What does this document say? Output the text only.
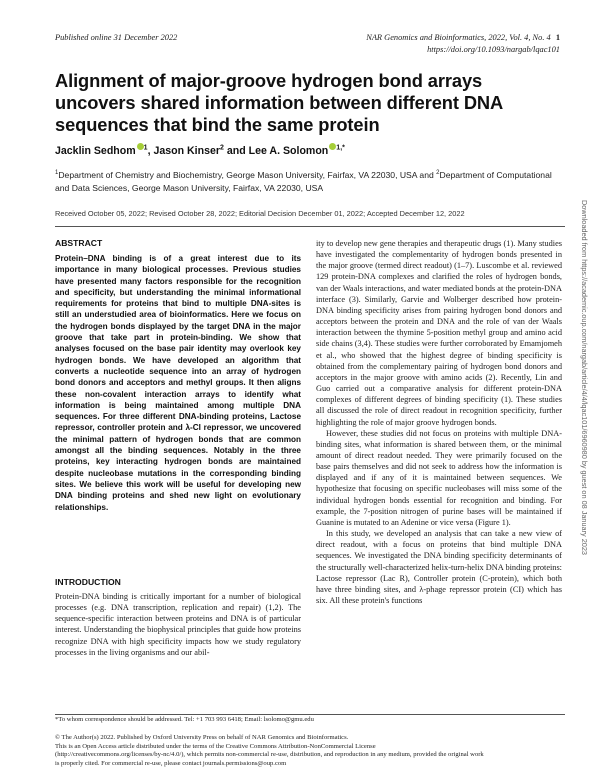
Published online 31 December 2022	NAR Genomics and Bioinformatics, 2022, Vol. 4, No. 4 1
https://doi.org/10.1093/nargab/lqac101
Alignment of major-groove hydrogen bond arrays uncovers shared information between different DNA sequences that bind the same protein
Jacklin Sedhom $^1$, Jason Kinser$^2$ and Lee A. Solomon $^{1,*}$
$^1$Department of Chemistry and Biochemistry, George Mason University, Fairfax, VA 22030, USA and $^2$Department of Computational and Data Sciences, George Mason University, Fairfax, VA 22030, USA
Received October 05, 2022; Revised October 28, 2022; Editorial Decision December 01, 2022; Accepted December 12, 2022
ABSTRACT
Protein–DNA binding is of a great interest due to its importance in many biological processes. Previous studies have presented many factors responsible for the recognition and specificity, but understanding the minimal informational requirements for proteins that bind to multiple DNA-sites is still an understudied area of bioinformatics. Here we focus on the hydrogen bonds displayed by the target DNA in the major groove that take part in protein-binding. We show that analyses focused on the base pair identity may overlook key hydrogen bonds. We have developed an algorithm that converts a nucleotide sequence into an array of hydrogen bond donors and acceptors and methyl groups. It then aligns these non-covalent interaction arrays to identify what information is being maintained among multiple DNA sequences. For three different DNA-binding proteins, Lactose repressor, controller protein and λ-CI repressor, we uncovered the minimal pattern of hydrogen bonds that are common amongst all the binding sequences. Notably in the three proteins, key interacting hydrogen bonds are maintained despite nucleobase mutations in the corresponding binding sites. We believe this work will be useful for developing new DNA binding proteins and shed new light on evolutionary relationships.
INTRODUCTION

Protein-DNA binding is critically important for a number of biological processes (e.g. DNA transcription, replication and repair) (1,2). The sequence-specific interaction between proteins and DNA is of particular interest. Understanding the biophysical principles that guide how proteins recognize DNA with high specificity impacts how we study regulatory processes in the living organisms and our abil-

ity to develop new gene therapies and therapeutic drugs (1). Many studies have investigated the complementarity of hydrogen bonds presented in the major groove (termed direct readout) (1–7). Luscombe et al. reviewed 129 protein-DNA complexes and clarified the roles of hydrogen bonds, van der Waals interactions, and water mediated bonds at the protein-DNA interface (3). Similarly, Garvie and Wolberger described how protein-DNA binding specificity arises from pairing hydrogen bond donors and acceptors between the protein and DNA and the role of van der Waals interaction between the thymine 5-position methyl group and amino acid side chains (3,4). These studies were further corroborated by Emamjomeh et al., who showed that the highest degree of binding specificity is obtained from the complementary pairing of hydrogen bond donors and acceptors in the major groove with amino acids (2). Recently, Lin and Guo carried out a comparative analysis for different protein-DNA complexes of different degrees of binding specificity (1). These studies all discussed the role of direct readout in recognition specificity, further highlighting the role of major groove hydrogen bonds.

However, these studies did not focus on proteins with multiple DNA-binding sites, what information is shared between them, or the minimal amount of direct readout needed. They were primarily focused on the base pairs themselves and did not seek to address how the information is displayed and if any of it is maintained between sequences. We hypothesize that focusing on specific nucleobases will miss some of the individual hydrogen bonds essential for recognition and binding. For example, the 7-position nitrogen of purine bases will be maintained if Guanine is mutated to an Adenine or vice versa (Figure 1).

In this study, we developed an analysis that can take a new view of direct readout, with a focus on proteins that bind multiple DNA sequences. We investigated the DNA binding specificity determinants of the structurally well-characterized helix-turn-helix DNA binding proteins: Lactose repressor (Lac R), Controller protein (C-protein), which both have three binding sites, and λ-phage repressor protein (CI) which has six. All these protein's functions

*To whom correspondence should be addressed. Tel: +1 703 993 6418; Email: lsolomo@gmu.edu
© The Author(s) 2022. Published by Oxford University Press on behalf of NAR Genomics and Bioinformatics.
This is an Open Access article distributed under the terms of the Creative Commons Attribution-NonCommercial License
(http://creativecommons.org/licenses/by-nc/4.0/), which permits non-commercial re-use, distribution, and reproduction in any medium, provided the original work
is properly cited. For commercial re-use, please contact journals.permissions@oup.com
Downloaded from https://academic.oup.com/nargab/article/4/4/lqac101/6960980 by guest on 08 January 2023
